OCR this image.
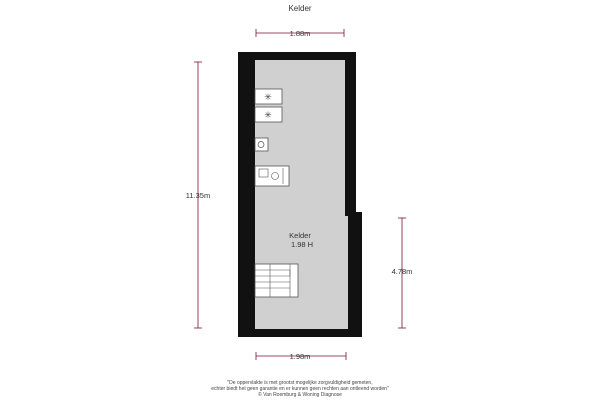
Kelder
✳
✳
1.88m
11.35m
4.78m
1.98m
Kelder
1.98 H
"De oppervlakte is met grootst mogelijke zorgvuldigheid gemeten,
echter biedt het geen garantie en er kunnen geen rechten aan ontleend worden"
© Van Roemburg & Woning Diagnose
